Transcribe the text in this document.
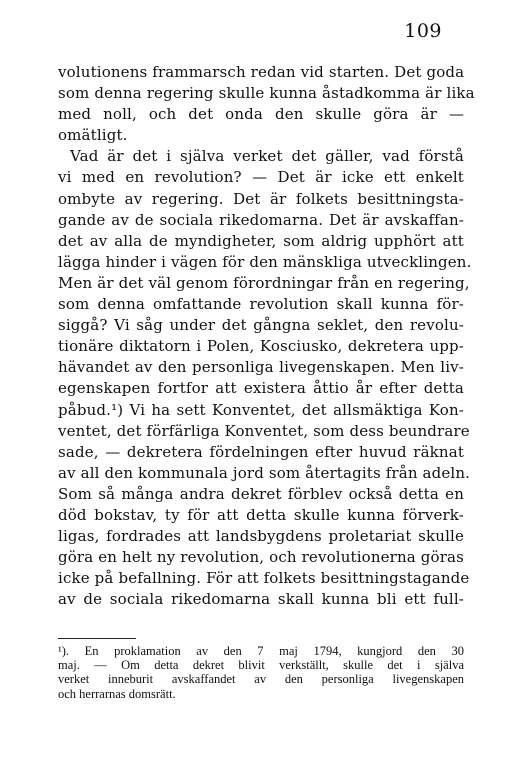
109
volutionens frammarsch redan vid starten. Det goda
som denna regering skulle kunna åstadkomma är lika
med noll, och det onda den skulle göra är —
omätligt.
Vad är det i själva verket det gäller, vad förstå
vi med en revolution? — Det är icke ett enkelt
ombyte av regering. Det är folkets besittningsta-
gande av de sociala rikedomarna. Det är avskaffan-
det av alla de myndigheter, som aldrig upphört att
lägga hinder i vägen för den mänskliga utvecklingen.
Men är det väl genom förordningar från en regering,
som denna omfattande revolution skall kunna för-
siggå? Vi såg under det gångna seklet, den revolu-
tionäre diktatorn i Polen, Kosciusko, dekretera upp-
hävandet av den personliga livegenskapen. Men liv-
egenskapen fortfor att existera åttio år efter detta
påbud.¹) Vi ha sett Konventet, det allsmäktiga Kon-
ventet, det förfärliga Konventet, som dess beundrare
sade, — dekretera fördelningen efter huvud räknat
av all den kommunala jord som återtagits från adeln.
Som så många andra dekret förblev också detta en
död bokstav, ty för att detta skulle kunna förverk-
ligas, fordrades att landsbygdens proletariat skulle
göra en helt ny revolution, och revolutionerna göras
icke på befallning. För att folkets besittningstagande
av de sociala rikedomarna skall kunna bli ett full-
¹). En proklamation av den 7 maj 1794, kungjord den 30
maj. — Om detta dekret blivit verkställt, skulle det i själva
verket inneburit avskaffandet av den personliga livegenskapen
och herrarnas domsrätt.
